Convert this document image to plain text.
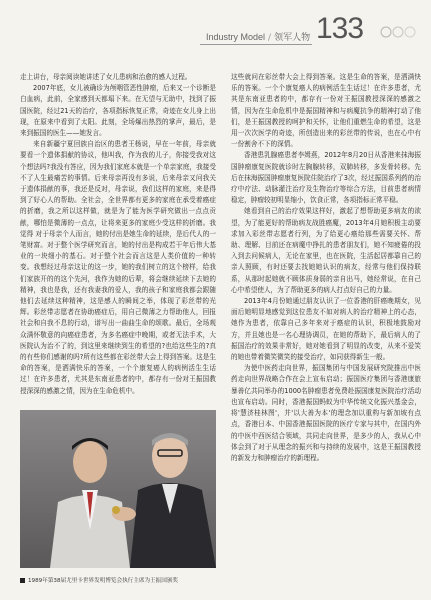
Industry Model / 领军人物 133

走上讲台，母亲阅读她讲述了女儿患病和治愈的感人过程。

2007年底，女儿被确诊为颅咽管恶性肿瘤，后来又一个诊断是白血病，此前，全家感到天都塌下来。在无望与无助中，找到了振国医院，经过21天的治疗，各项指标恢复正常，奇迹在女儿身上出现，在原来中看到了太阳。此刻，全场爆出热烈的掌声，最后，是来到振国的医生——她发言。

来自新疆宁夏回族自治区的患者王杨说，早在一年前，母亲就要看一个遗体捐献的协议，他叫我，作为我的儿子，你接受我对这个想法吗?我没有答应，因为我们家庭本就是一个单亲家庭，我接受不了人生最痛苦的事情。后来母亲再没有多说，后来母亲又问我关于遗体捐献的事，我还是反对，母亲说，我们这样的家庭，来是得到了好心人的帮助。全社会，全世界都有更多的家庭在承受着癌症的折磨，我之所以这样做，就是为了能为医学研究做出一点点贡献，哪怕是微薄的一点点，让将来更多的家庭少受这样的折磨。我觉得 对于母亲个人而言，她的付出是她生命的延续，是后代人的一笔财富。对于整个医学研究而言，她的付出是构成若干年后伟大基业的一块细小的基石。对于整个社会而言这是人类价值的一种转变。我想经过母亲这让的这一步，她的我们树立的这个榜样，给我们家族开的的这个先河，我作为她的后辈，将会继续延续下去她的精神，我也是我，还有我妻我的爱人，我的孩子和家庭我都会跟随他们去延续这种精神，这是感人的瞬间之举，体现了彩丝带的光辉。彩丝带志愿者在协助癌症后，用自己微薄之力帮助他人，回报社会和自我不息的行动，谱写出一曲曲生命的颂歌。最后，全场观众满怀敬意的向癌症患者，为多名癌症中晚期，或者无法手术，大医院认为治不了的，到这里来继续到生的希望的?也给这些生的?真的有些你们感谢的吗?所有这些都在彩丝带大会上得到答案。这是生命的答案，是洒满快乐的答案，一个个康复癌人的病例活生生话过！在许多患者，尤其是东南亚患者的中，都存有一份对王振国教授深深的感激之情，因为在生命危机中。

1989年第38届尤里卡世界发明博览会执行主席为王振国颁奖

这些就问在彩丝带大会上得到答案。这是生命的答案，是洒满快乐的答案。一个个康复癌人的病例活生生话过！在许多患者，尤其是东南亚患者的中，都存有一份对王振国教授深深的感激之情，因为在生命危机中是振国精神和与病魔抗争的精神打动了他们，是王振国教授的呵护和关怀，让他们重燃生命的希望，这是用一次次医学的奇迹，所创造出来的彩丝带的传说，也在心中有一份割舍不下的深情。

香港患乳腺癌患者李姆燕，2012年8月20日从香港来抹海振国肿瘤康复医院就诊时左胸腺转移，双肺转移，多发骨转移。先后在抹海振国肿瘤康复医院住院治疗了3次，经过振国系列药的治疗中疗法、动脉灌注治疗及生物治疗等综合方法，目前患者病情稳定，肿瘤较初明显缩小，饮食正常，各项指标正常平稳。

她看到自己的治疗效果这样好，激起了想帮助更多病友的欲望，为了能更好的帮助病友战胜癌魔，2013年4月她积极主动要求加入彩丝带志愿者行列，为了给更心癌给那些需要关怀、帮助、理解、目前还在病魔中挣扎的患者朋友们，她不知疲倦的投入到去问候病人，无论在家里，也在医院，生活起居都靠自己的亲人照顾，有时还要去找她她认识的病友，经常与他们保持联系，从那时起她就不顾体质身弱的亲自出马，她经常说，在自己心中希望使人，为了帮助更多的病人打点好自己的力量。

2013年4月份她通过朋友认识了一位香港的肝癌晚期女，见面后她明显地感觉到这位患友不如对病人的治疗精神上的心态，她作为患者，依靠自己多年来对于癌症的认识，积极地鼓励对方，并且她也是一名心理协调员，在她的帮助下，最后病人的了振国治疗的效果非常好，她对她看到了明显的改变，从来不爱笑的她也带着微笑微笑的接受治疗，如同获得新生一般。

为使中医药走向世界，振国集团与中国发展研究院推出中医药走向世界战略合作在会上宣布启动；振国医疗集团与香港康旅暴善亿共同举办的1000名肿瘤患者免费赴振国康复医院治疗活动也宣布启动。同时，香港振国蚂蚁为中华传统文化振兴基金会，将'慧济桂林图'，并'以大善为本'的理念加以重构与新加坡有点点，香港日本、中国香港振国医院的医疗专家与其中，在国内外的中医中西医结合领域，共同走向世界，是多少的人，我从心中体会到了对于从理念的振兴和与持续的发展中，这是王振国教授的新发力和肿瘤治疗的新理程。
